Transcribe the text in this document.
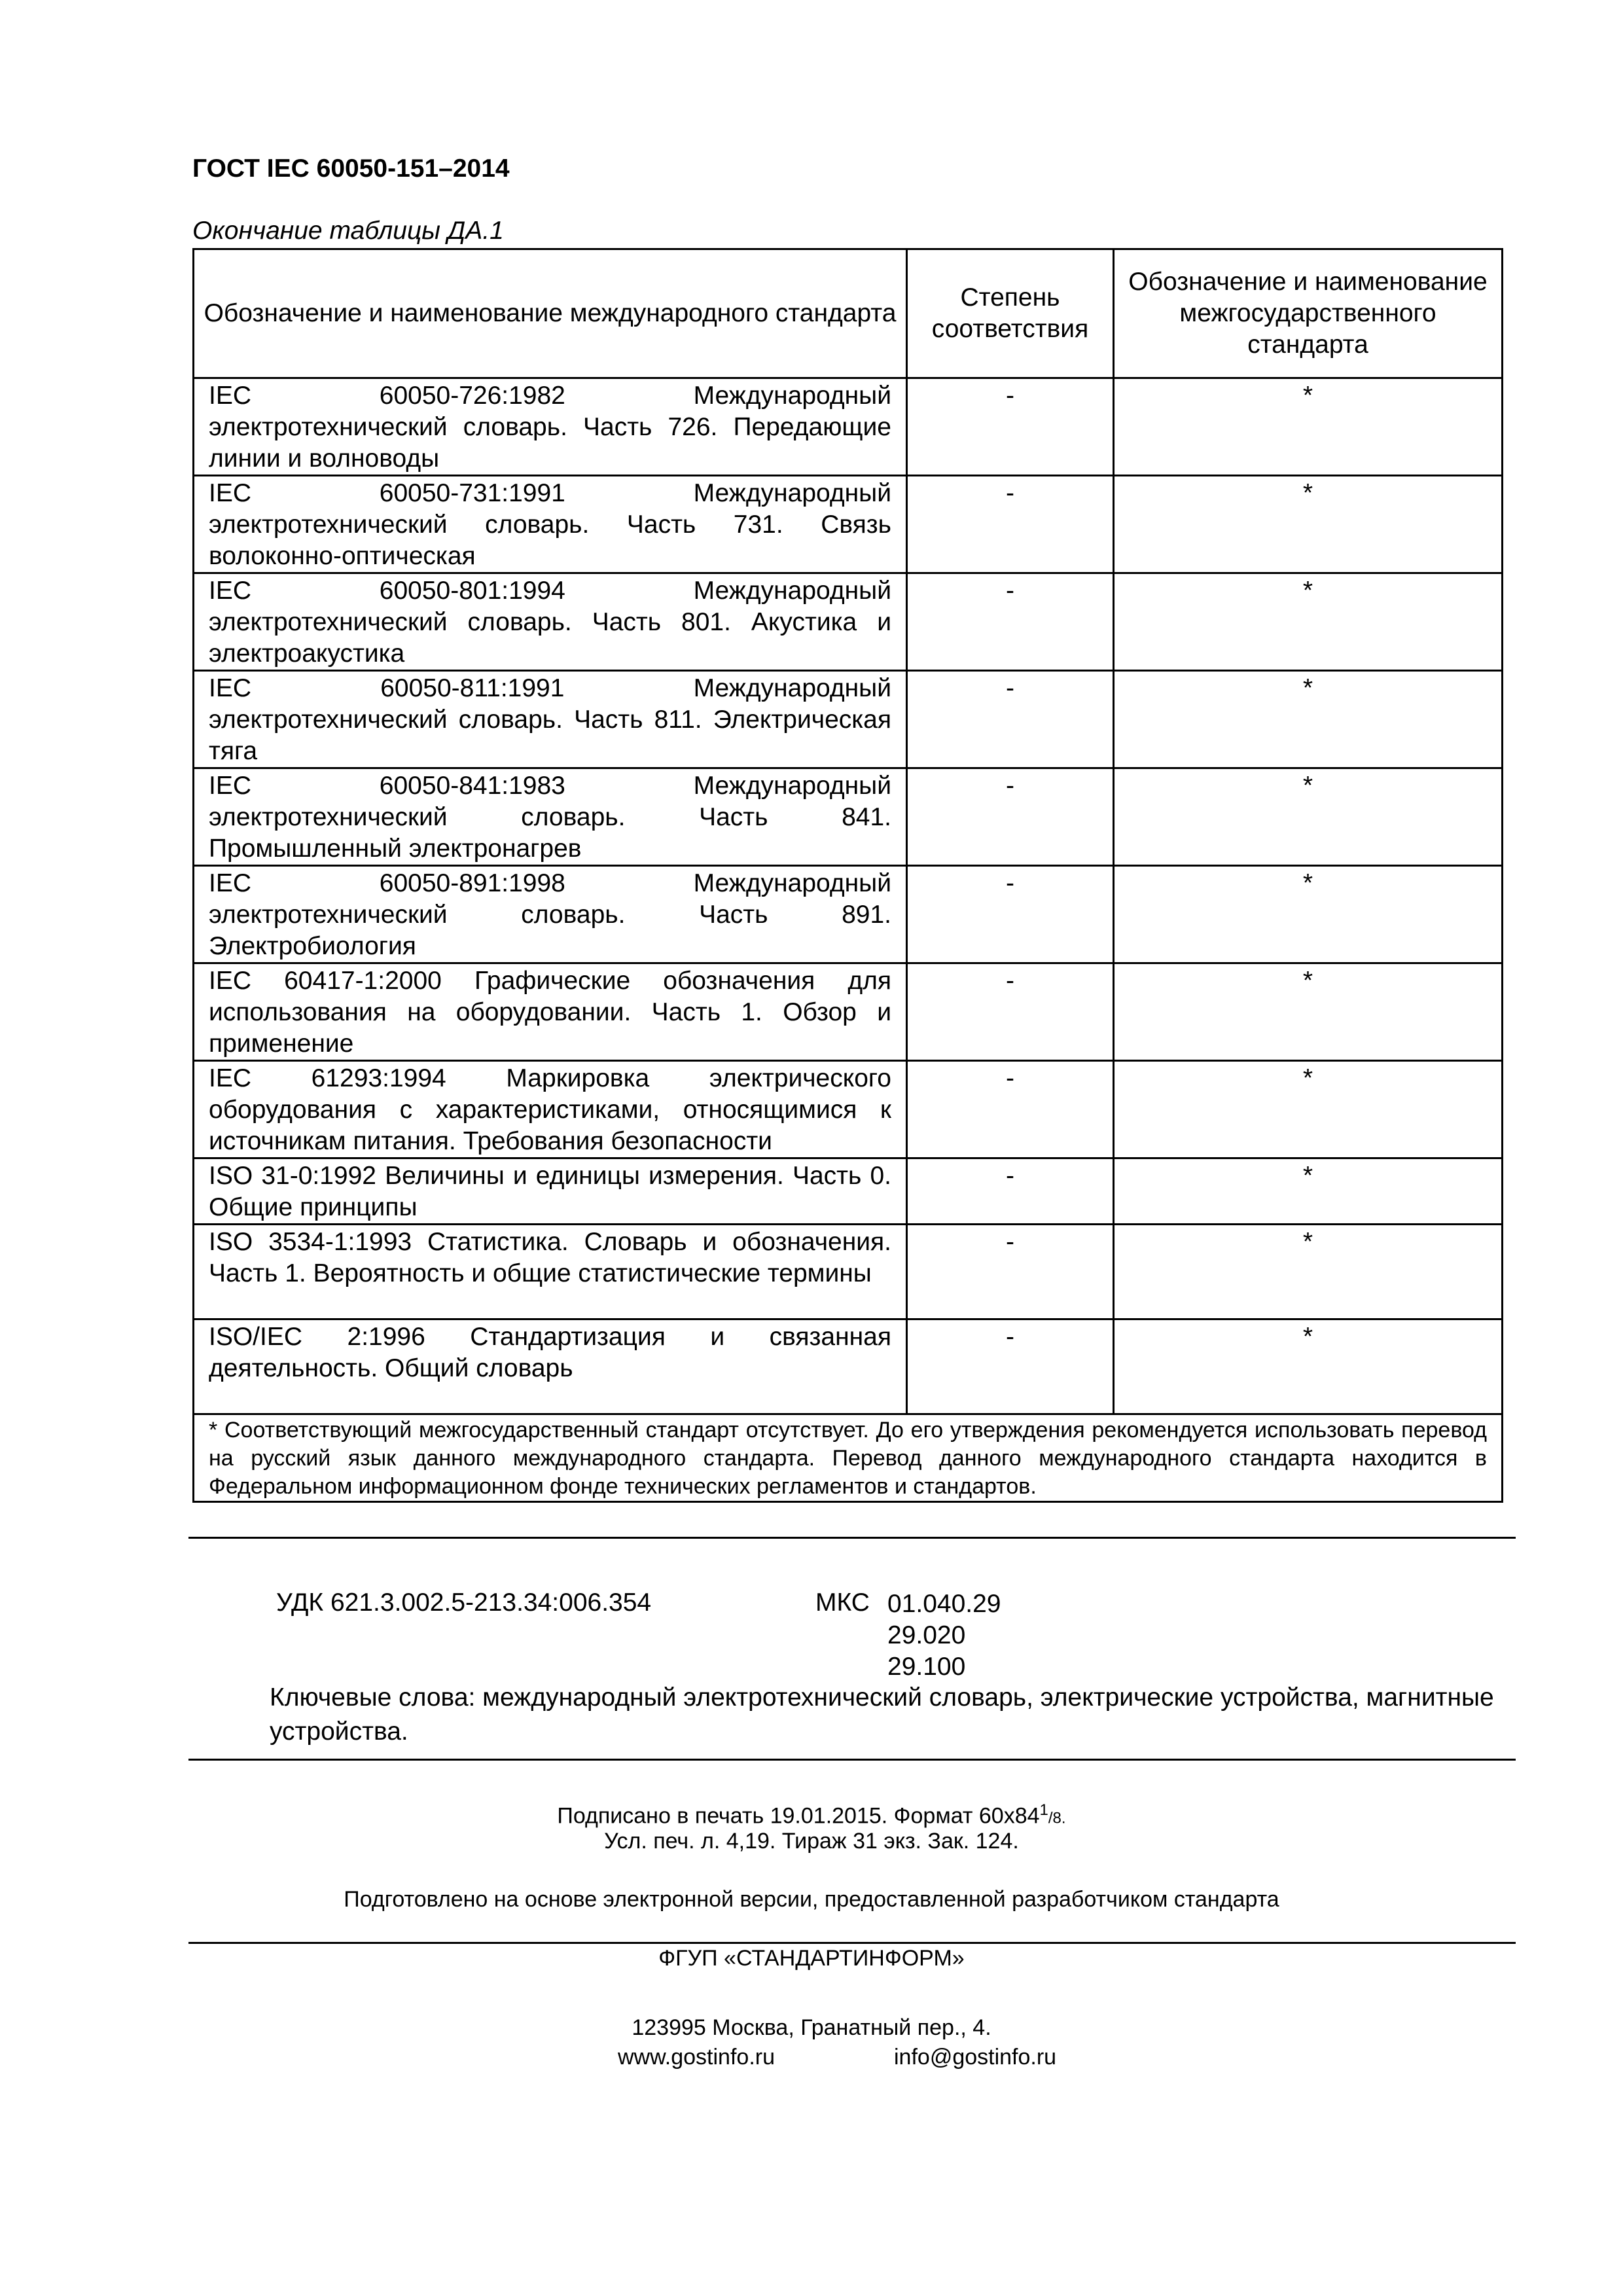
ГОСТ IEC 60050-151–2014
Окончание таблицы ДА.1
Обозначение и наименование международного стандарта	Степень соответствия	Обозначение и наименование межгосударственного стандарта
IEC 60050-726:1982 Международный электротехнический словарь. Часть 726. Передающие линии и волноводы	-	*
IEC 60050-731:1991 Международный электротехнический словарь. Часть 731. Связь волоконно-оптическая	-	*
IEC 60050-801:1994 Международный электротехнический словарь. Часть 801. Акустика и электроакустика	-	*
IEC 60050-811:1991 Международный электротехнический словарь. Часть 811. Электрическая тяга	-	*
IEC 60050-841:1983 Международный электротехнический словарь. Часть 841. Промышленный электронагрев	-	*
IEC 60050-891:1998 Международный электротехнический словарь. Часть 891. Электробиология	-	*
IEC 60417-1:2000 Графические обозначения для использования на оборудовании. Часть 1. Обзор и применение	-	*
IEC 61293:1994 Маркировка электрического оборудования с характеристиками, относящимися к источникам питания. Требования безопасности	-	*
ISO 31-0:1992 Величины и единицы измерения. Часть 0. Общие принципы	-	*
ISO 3534-1:1993 Статистика. Словарь и обозначения. Часть 1. Вероятность и общие статистические термины	-	*
ISO/IEC 2:1996 Стандартизация и связанная деятельность. Общий словарь	-	*
* Соответствующий межгосударственный стандарт отсутствует. До его утверждения рекомендуется использовать перевод на русский язык данного международного стандарта. Перевод данного международного стандарта находится в Федеральном информационном фонде технических регламентов и стандартов.		
УДК 621.3.002.5-213.34:006.354	МКС 01.040.29
29.020
29.100
Ключевые слова: международный электротехнический словарь, электрические устройства, магнитные устройства.
Подписано в печать 19.01.2015. Формат $60x84^1/8$.
Усл. печ. л. 4,19. Тираж 31 экз. Зак. 124.
Подготовлено на основе электронной версии, предоставленной разработчиком стандарта
ФГУП «СТАНДАРТИНФОРМ»
123995 Москва, Гранатный пер., 4.
www.gostinfo.ru	info@gostinfo.ru
